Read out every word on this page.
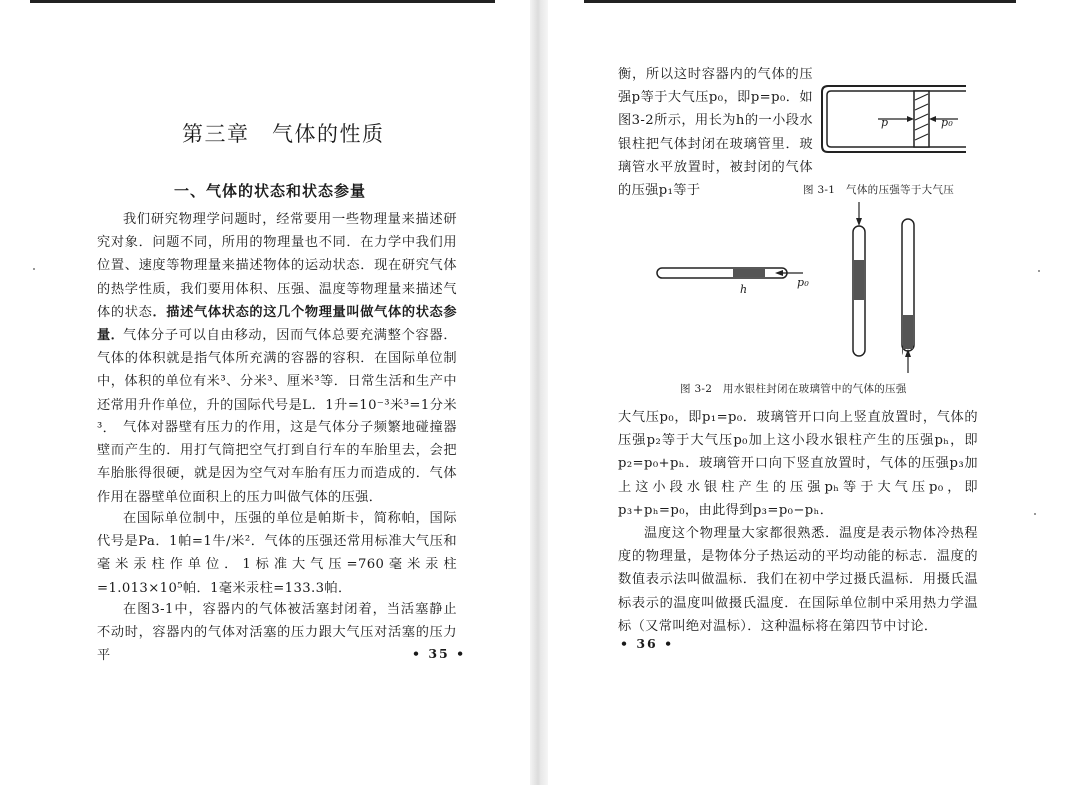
第三章　气体的性质
一、气体的状态和状态参量

我们研究物理学问题时，经常要用一些物理量来描述研究对象．问题不同，所用的物理量也不同．在力学中我们用位置、速度等物理量来描述物体的运动状态．现在研究气体的热学性质，我们要用体积、压强、温度等物理量来描述气体的状态．描述气体状态的这几个物理量叫做气体的状态参量．

气体分子可以自由移动，因而气体总要充满整个容器．气体的体积就是指气体所充满的容器的容积．在国际单位制中，体积的单位有米³、分米³、厘米³等．日常生活和生产中还常用升作单位，升的国际代号是L．1升=10⁻³米³=1分米³． 气体对器壁有压力的作用，这是气体分子频繁地碰撞器壁而产生的．用打气筒把空气打到自行车的车胎里去，会把车胎胀得很硬，就是因为空气对车胎有压力而造成的．气体作用在器壁单位面积上的压力叫做气体的压强．

在国际单位制中，压强的单位是帕斯卡，简称帕，国际代号是Pa．1帕=1牛/米²．气体的压强还常用标准大气压和毫米汞柱作单位．1标准大气压=760毫米汞柱=1.013×10⁵帕．1毫米汞柱=133.3帕．

在图3-1中，容器内的气体被活塞封闭着，当活塞静止不动时，容器内的气体对活塞的压力跟大气压对活塞的压力平	• 35 •

衡，所以这时容器内的气体的压强p等于大气压p₀，即p=p₀．如图3-2所示，用长为h的一小段水银柱把气体封闭在玻璃管里．玻璃管水平放置时，被封闭的气体的压强p₁等于

p	p₀
图 3-1　气体的压强等于大气压
h
p₀
图 3-2　用水银柱封闭在玻璃管中的气体的压强

大气压p₀，即p₁=p₀．玻璃管开口向上竖直放置时，气体的压强p₂等于大气压p₀加上这小段水银柱产生的压强pₕ，即p₂=p₀+pₕ．玻璃管开口向下竖直放置时，气体的压强p₃加上这小段水银柱产生的压强pₕ等于大气压p₀，即p₃+pₕ=p₀，由此得到p₃=p₀−pₕ．

温度这个物理量大家都很熟悉．温度是表示物体冷热程度的物理量，是物体分子热运动的平均动能的标志．温度的数值表示法叫做温标．我们在初中学过摄氏温标．用摄氏温标表示的温度叫做摄氏温度．在国际单位制中采用热力学温标（又常叫绝对温标）．这种温标将在第四节中讨论．

• 36 •
